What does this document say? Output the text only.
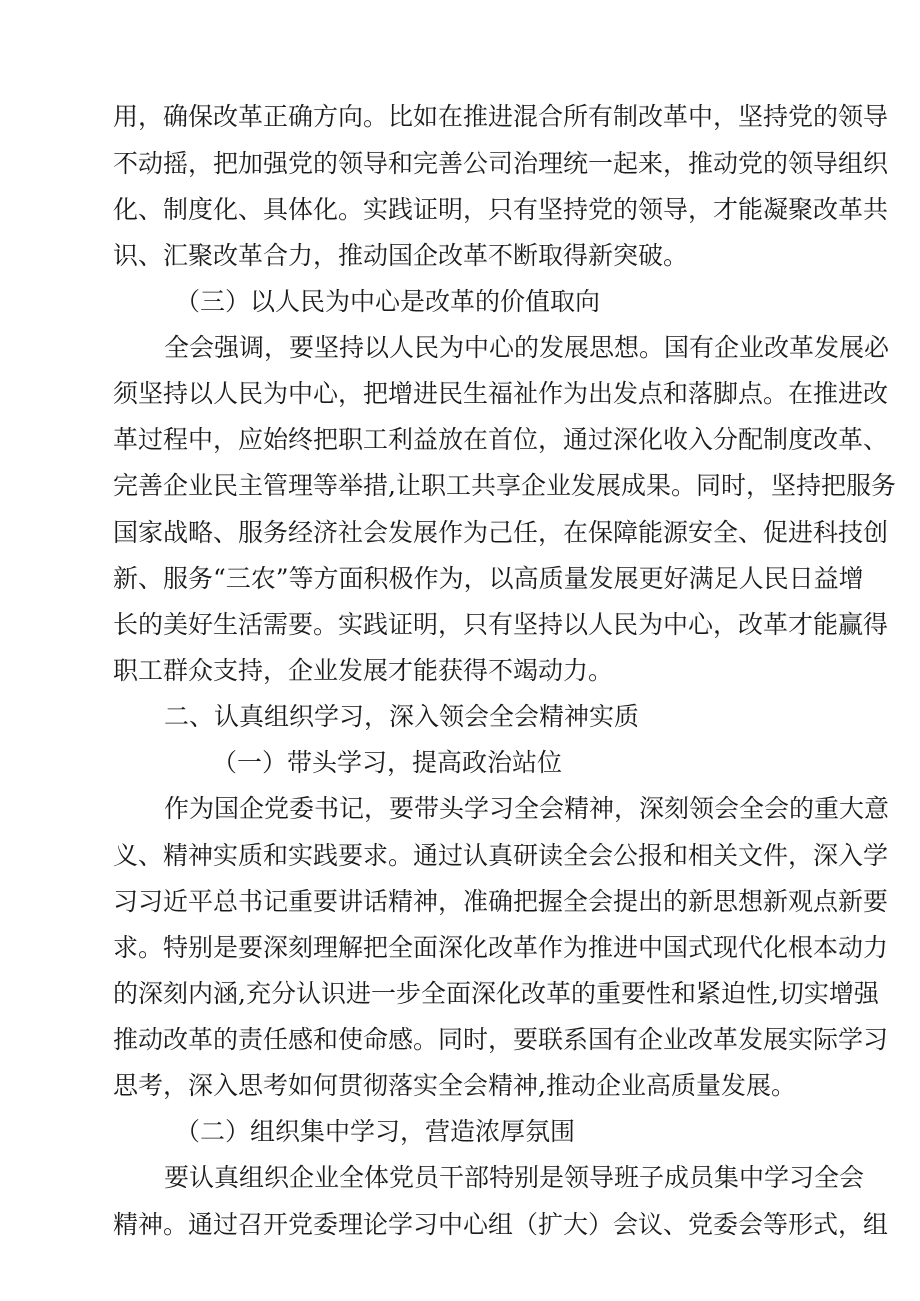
用，确保改革正确方向。比如在推进混合所有制改革中，坚持党的领导
不动摇，把加强党的领导和完善公司治理统一起来，推动党的领导组织
化、制度化、具体化。实践证明，只有坚持党的领导，才能凝聚改革共
识、汇聚改革合力，推动国企改革不断取得新突破。
（三）以人民为中心是改革的价值取向
全会强调，要坚持以人民为中心的发展思想。国有企业改革发展必
须坚持以人民为中心，把增进民生福祉作为出发点和落脚点。在推进改
革过程中，应始终把职工利益放在首位，通过深化收入分配制度改革、
完善企业民主管理等举措,让职工共享企业发展成果。同时，坚持把服务
国家战略、服务经济社会发展作为己任，在保障能源安全、促进科技创
新、服务“三农”等方面积极作为，以高质量发展更好满足人民日益增
长的美好生活需要。实践证明，只有坚持以人民为中心，改革才能赢得
职工群众支持，企业发展才能获得不竭动力。
二、认真组织学习，深入领会全会精神实质
（一）带头学习，提高政治站位
作为国企党委书记，要带头学习全会精神，深刻领会全会的重大意
义、精神实质和实践要求。通过认真研读全会公报和相关文件，深入学
习习近平总书记重要讲话精神，准确把握全会提出的新思想新观点新要
求。特别是要深刻理解把全面深化改革作为推进中国式现代化根本动力
的深刻内涵,充分认识进一步全面深化改革的重要性和紧迫性,切实增强
推动改革的责任感和使命感。同时，要联系国有企业改革发展实际学习
思考，深入思考如何贯彻落实全会精神,推动企业高质量发展。
（二）组织集中学习，营造浓厚氛围
要认真组织企业全体党员干部特别是领导班子成员集中学习全会
精神。通过召开党委理论学习中心组（扩大）会议、党委会等形式，组
